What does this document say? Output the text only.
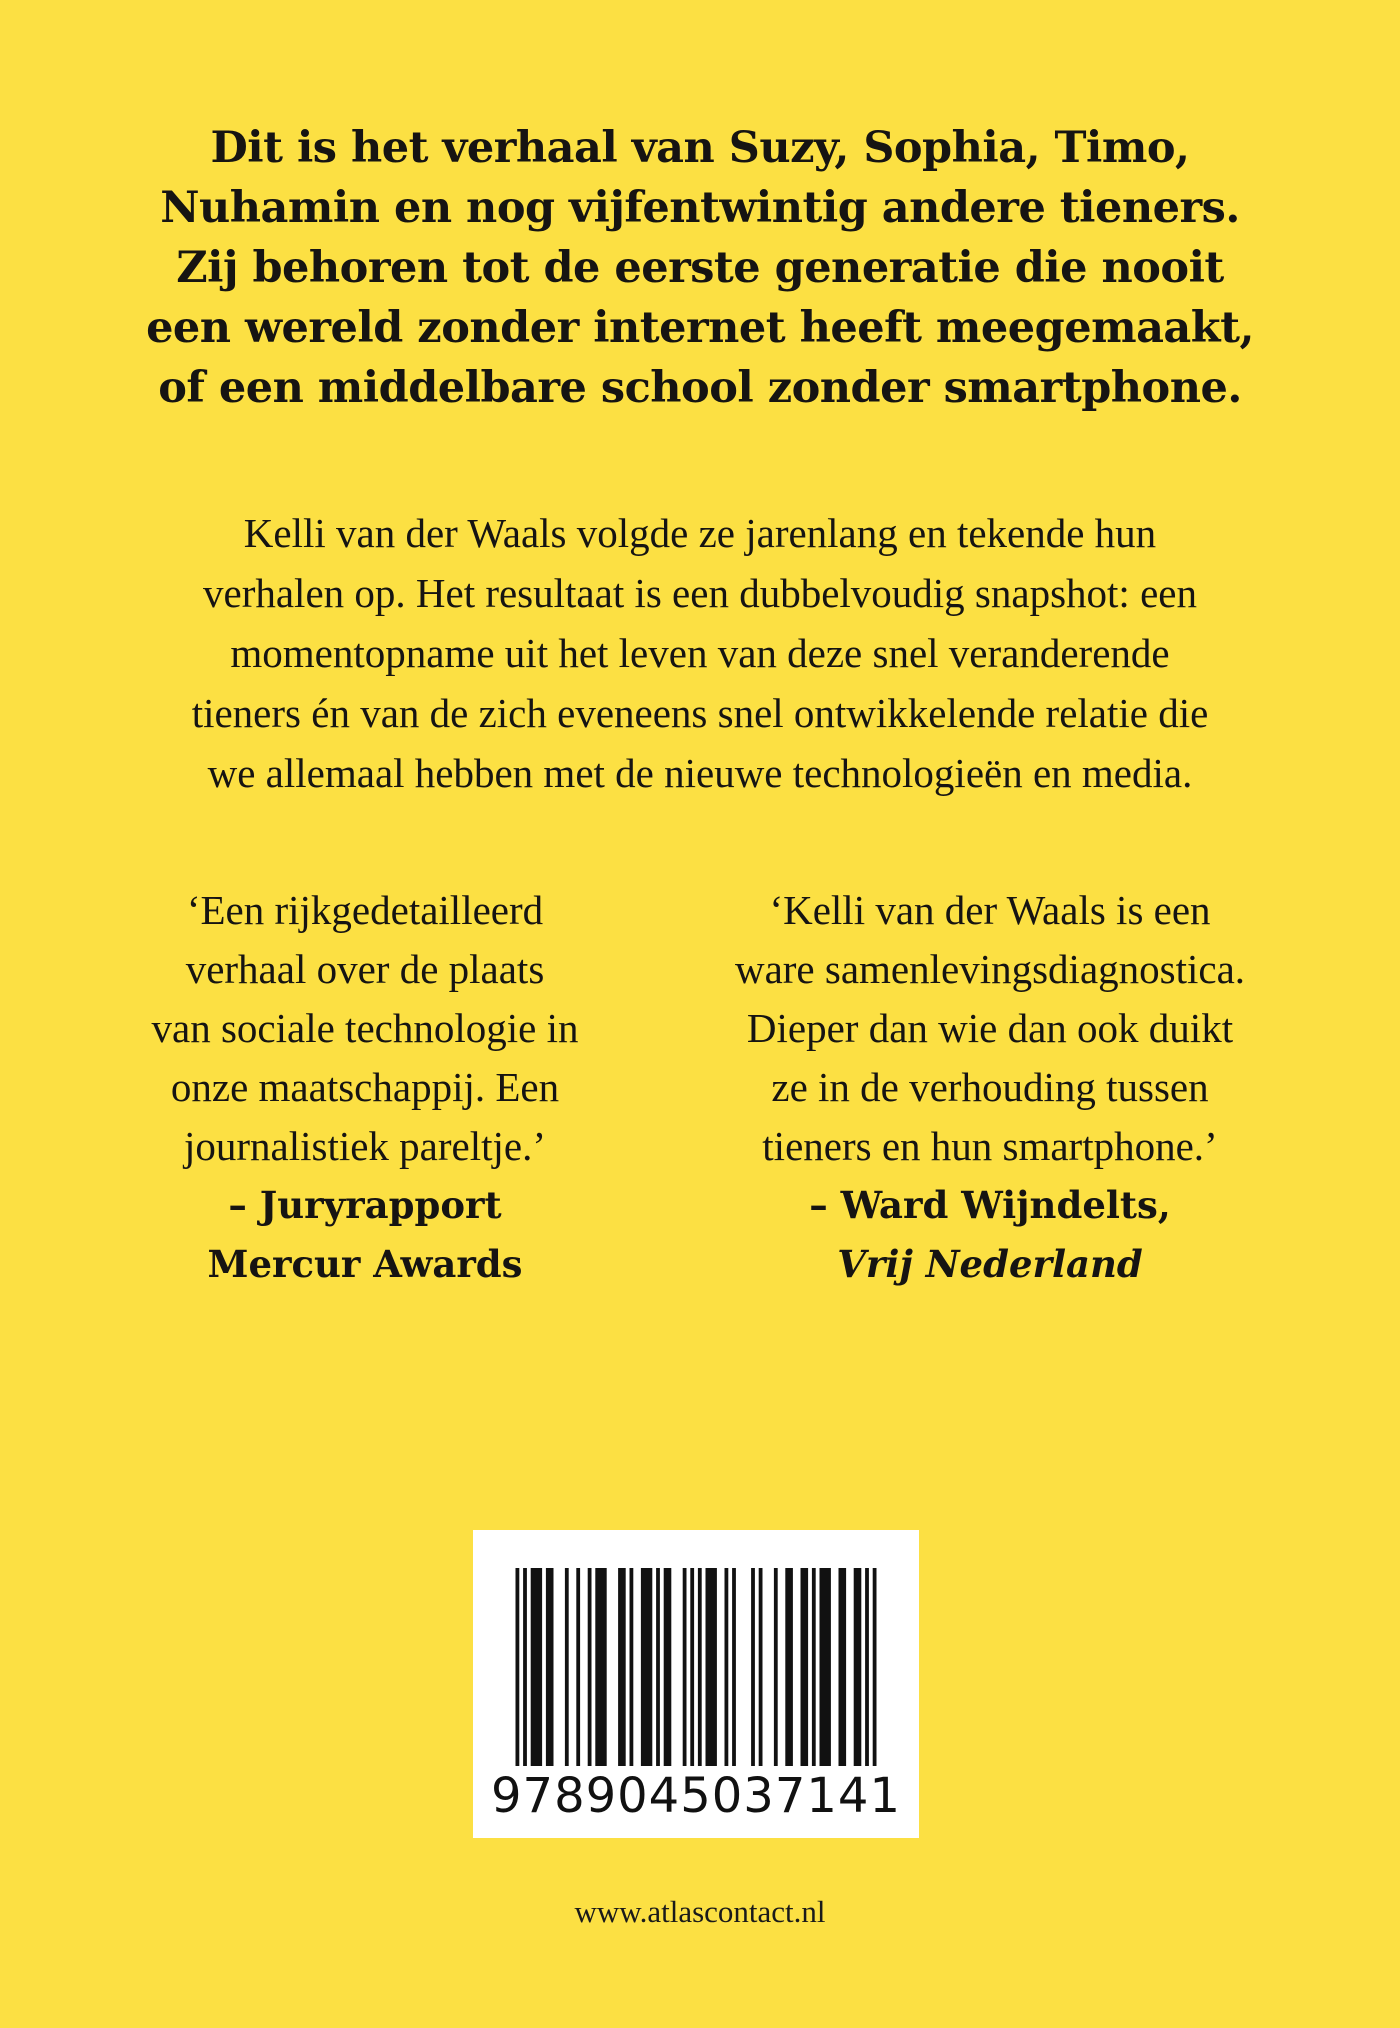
Dit is het verhaal van Suzy, Sophia, Timo,
Nuhamin en nog vijfentwintig andere tieners.
Zij behoren tot de eerste generatie die nooit
een wereld zonder internet heeft meegemaakt,
of een middelbare school zonder smartphone.

Kelli van der Waals volgde ze jarenlang en tekende hun
verhalen op. Het resultaat is een dubbelvoudig snapshot: een
momentopname uit het leven van deze snel veranderende
tieners én van de zich eveneens snel ontwikkelende relatie die
we allemaal hebben met de nieuwe technologieën en media.

‘Een rijkgedetailleerd
verhaal over de plaats
van sociale technologie in
onze maatschappij. Een
journalistiek pareltje.’
– Juryrapport
Mercur Awards

‘Kelli van der Waals is een
ware samenlevingsdiagnostica.
Dieper dan wie dan ook duikt
ze in de verhouding tussen
tieners en hun smartphone.’
– Ward Wijndelts,
Vrij Nederland

9789045037141
www.atlascontact.nl
